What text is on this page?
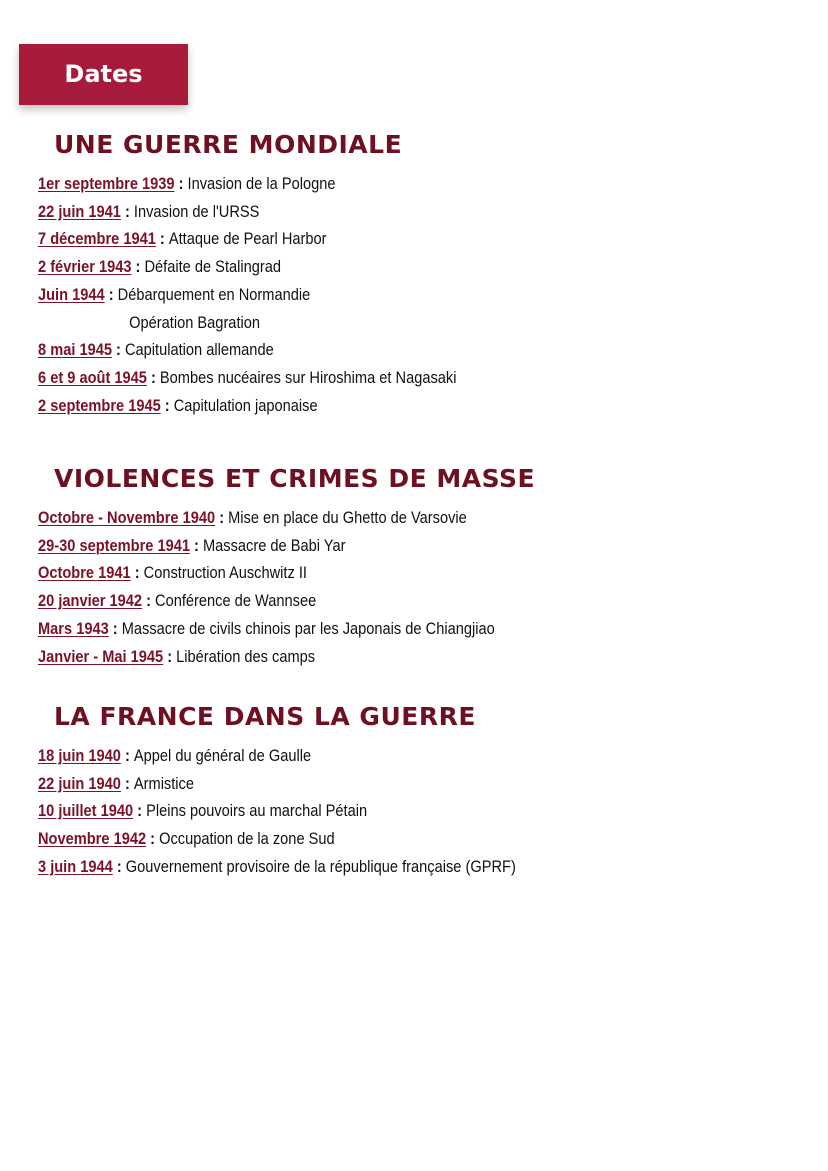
Dates
UNE GUERRE MONDIALE
1er septembre 1939 : Invasion de la Pologne
22 juin 1941 : Invasion de l'URSS
7 décembre 1941 : Attaque de Pearl Harbor
2 février 1943 : Défaite de Stalingrad
Juin 1944 : Débarquement en Normandie
Opération Bagration
8 mai 1945 : Capitulation allemande
6 et 9 août 1945 : Bombes nucéaires sur Hiroshima et Nagasaki
2 septembre 1945 : Capitulation japonaise
VIOLENCES ET CRIMES DE MASSE
Octobre - Novembre 1940 : Mise en place du Ghetto de Varsovie
29-30 septembre 1941 : Massacre de Babi Yar
Octobre 1941 : Construction Auschwitz II
20 janvier 1942 : Conférence de Wannsee
Mars 1943 : Massacre de civils chinois par les Japonais de Chiangjiao
Janvier - Mai 1945 : Libération des camps
LA FRANCE DANS LA GUERRE
18 juin 1940 : Appel du général de Gaulle
22 juin 1940 : Armistice
10 juillet 1940 : Pleins pouvoirs au marchal Pétain
Novembre 1942 : Occupation de la zone Sud
3 juin 1944 : Gouvernement provisoire de la république française (GPRF)
